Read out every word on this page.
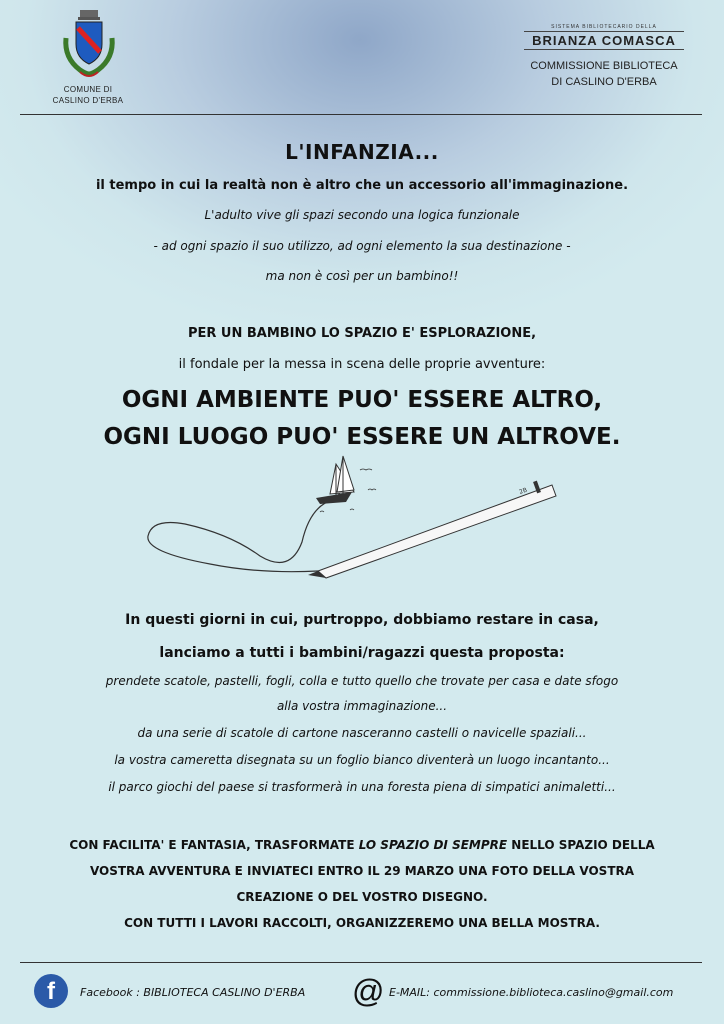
COMUNE DI
CASLINO D'ERBA
SISTEMA BIBLIOTECARIO DELLA
BRIANZA COMASCA
COMMISSIONE BIBLIOTECA
DI CASLINO D'ERBA
L'INFANZIA...
il tempo in cui la realtà non è altro che un accessorio all'immaginazione.
L'adulto vive gli spazi secondo una logica funzionale
- ad ogni spazio il suo utilizzo, ad ogni elemento la sua destinazione -
ma non è così per un bambino!!
PER UN BAMBINO LO SPAZIO E' ESPLORAZIONE,
il fondale per la messa in scena delle proprie avventure:
OGNI AMBIENTE PUO' ESSERE ALTRO,
OGNI LUOGO PUO' ESSERE UN ALTROVE.
2B
In questi giorni in cui, purtroppo, dobbiamo restare in casa,
lanciamo a tutti i bambini/ragazzi questa proposta:
prendete scatole, pastelli, fogli, colla e tutto quello che trovate per casa e date sfogo
alla vostra immaginazione...
da una serie di scatole di cartone nasceranno castelli o navicelle spaziali...
la vostra cameretta disegnata su un foglio bianco diventerà un luogo incantanto...
il parco giochi del paese si trasformerà in una foresta piena di simpatici animaletti...
CON FACILITA' E FANTASIA, TRASFORMATE LO SPAZIO DI SEMPRE NELLO SPAZIO DELLA
VOSTRA AVVENTURA E INVIATECI ENTRO IL 29 MARZO UNA FOTO DELLA VOSTRA
CREAZIONE O DEL VOSTRO DISEGNO.
CON TUTTI I LAVORI RACCOLTI, ORGANIZZEREMO UNA BELLA MOSTRA.
f	Facebook : BIBLIOTECA CASLINO D'ERBA @ E-MAIL: commissione.biblioteca.caslino@gmail.com
